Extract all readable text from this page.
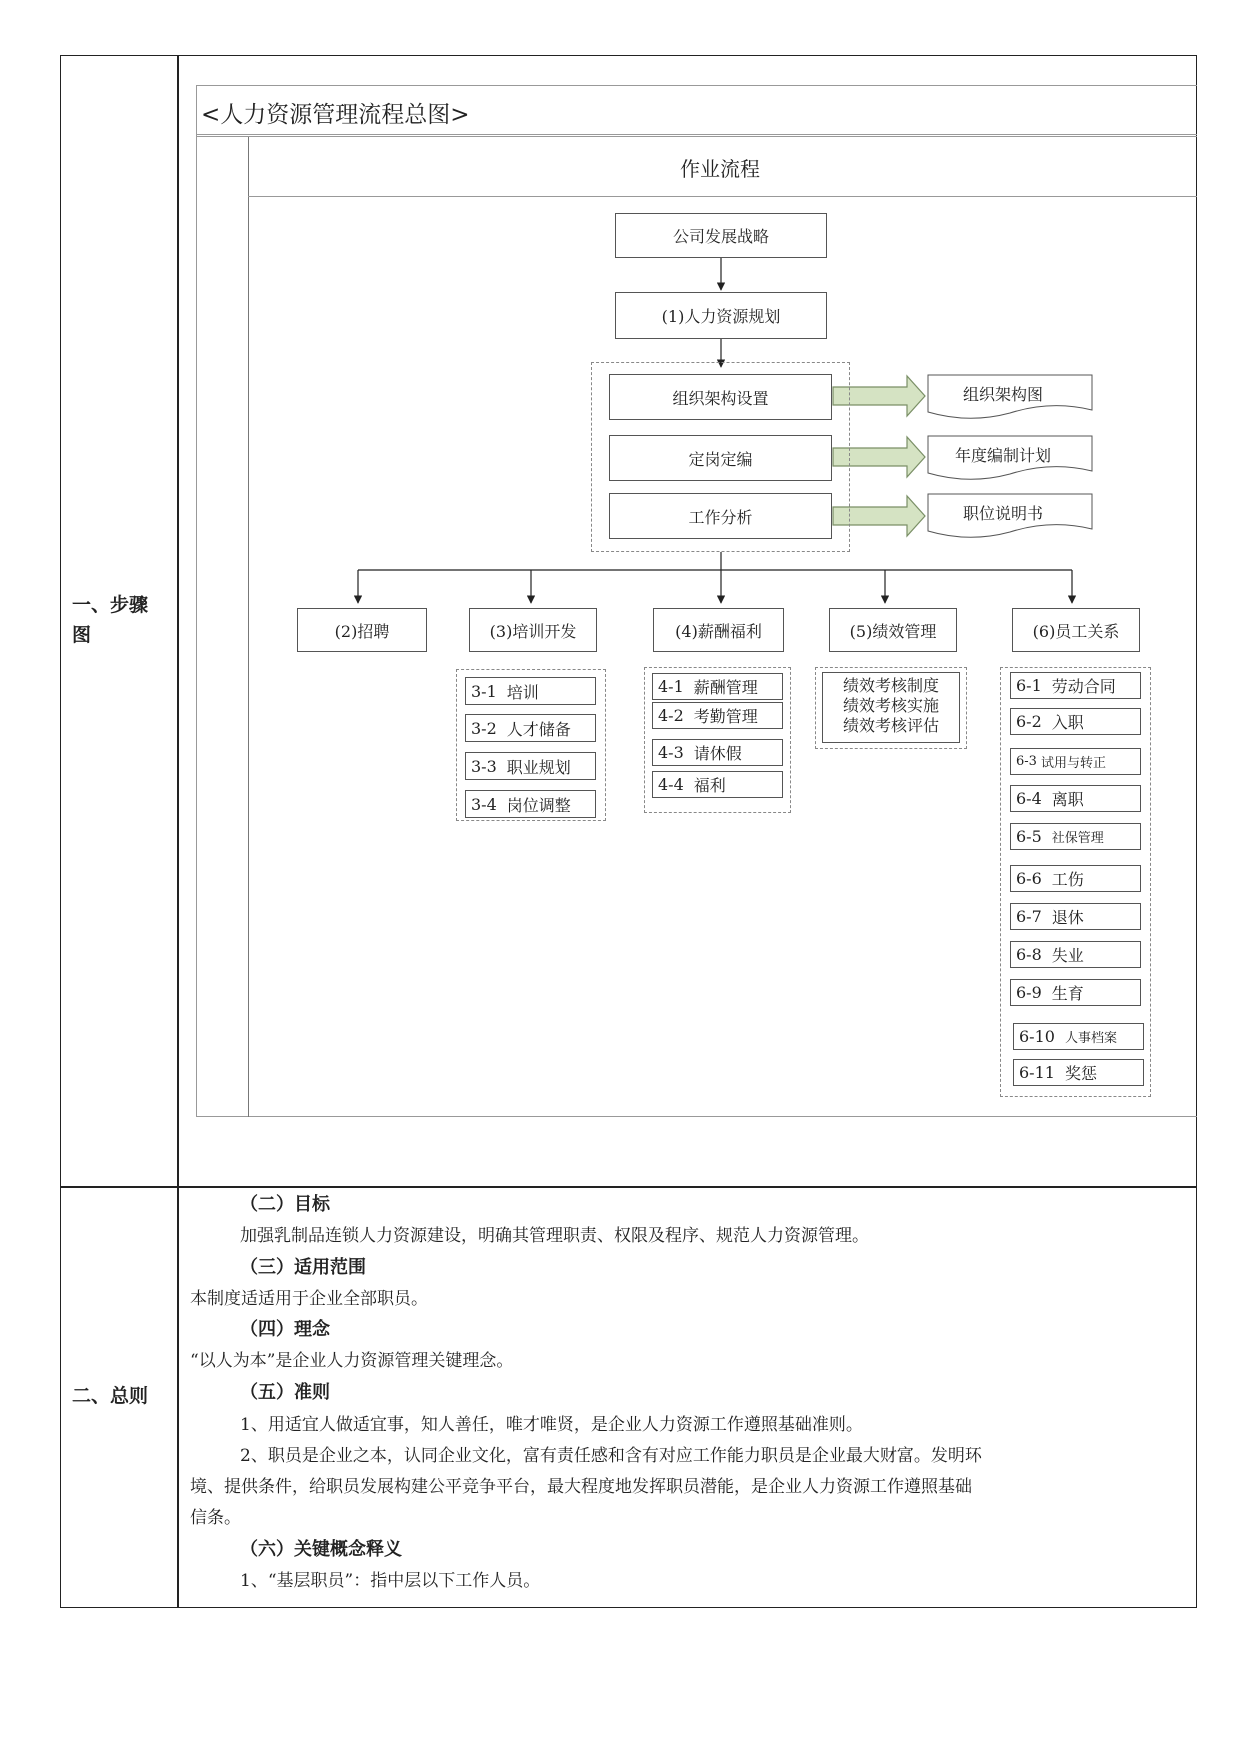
一、步骤
图
<人力资源管理流程总图>
作业流程
组织架构图
年度编制计划
职位说明书
公司发展战略
(1)人力资源规划
组织架构设置
定岗定编
工作分析
(2)招聘	(3)培训开发	(4)薪酬福利	(5)绩效管理	(6)员工关系
3-1 培训
3-2 人才储备
3-3 职业规划
3-4 岗位调整
4-1 薪酬管理
4-2 考勤管理
4-3 请休假
4-4 福利
绩效考核制度
绩效考核实施
绩效考核评估
6-1 劳动合同
6-2 入职
6-3 试用与转正
6-4 离职
6-5 社保管理
6-6 工伤
6-7 退休
6-8 失业
6-9 生育
6-10 人事档案
6-11 奖惩
二、总则
（二）目标
加强乳制品连锁人力资源建设，明确其管理职责、权限及程序、规范人力资源管理。
（三）适用范围
本制度适适用于企业全部职员。
（四）理念
“以人为本”是企业人力资源管理关键理念。
（五）准则
1、用适宜人做适宜事，知人善任，唯才唯贤，是企业人力资源工作遵照基础准则。
2、职员是企业之本，认同企业文化，富有责任感和含有对应工作能力职员是企业最大财富。发明环
境、提供条件，给职员发展构建公平竞争平台，最大程度地发挥职员潜能，是企业人力资源工作遵照基础
信条。
（六）关键概念释义
1、“基层职员”：指中层以下工作人员。
